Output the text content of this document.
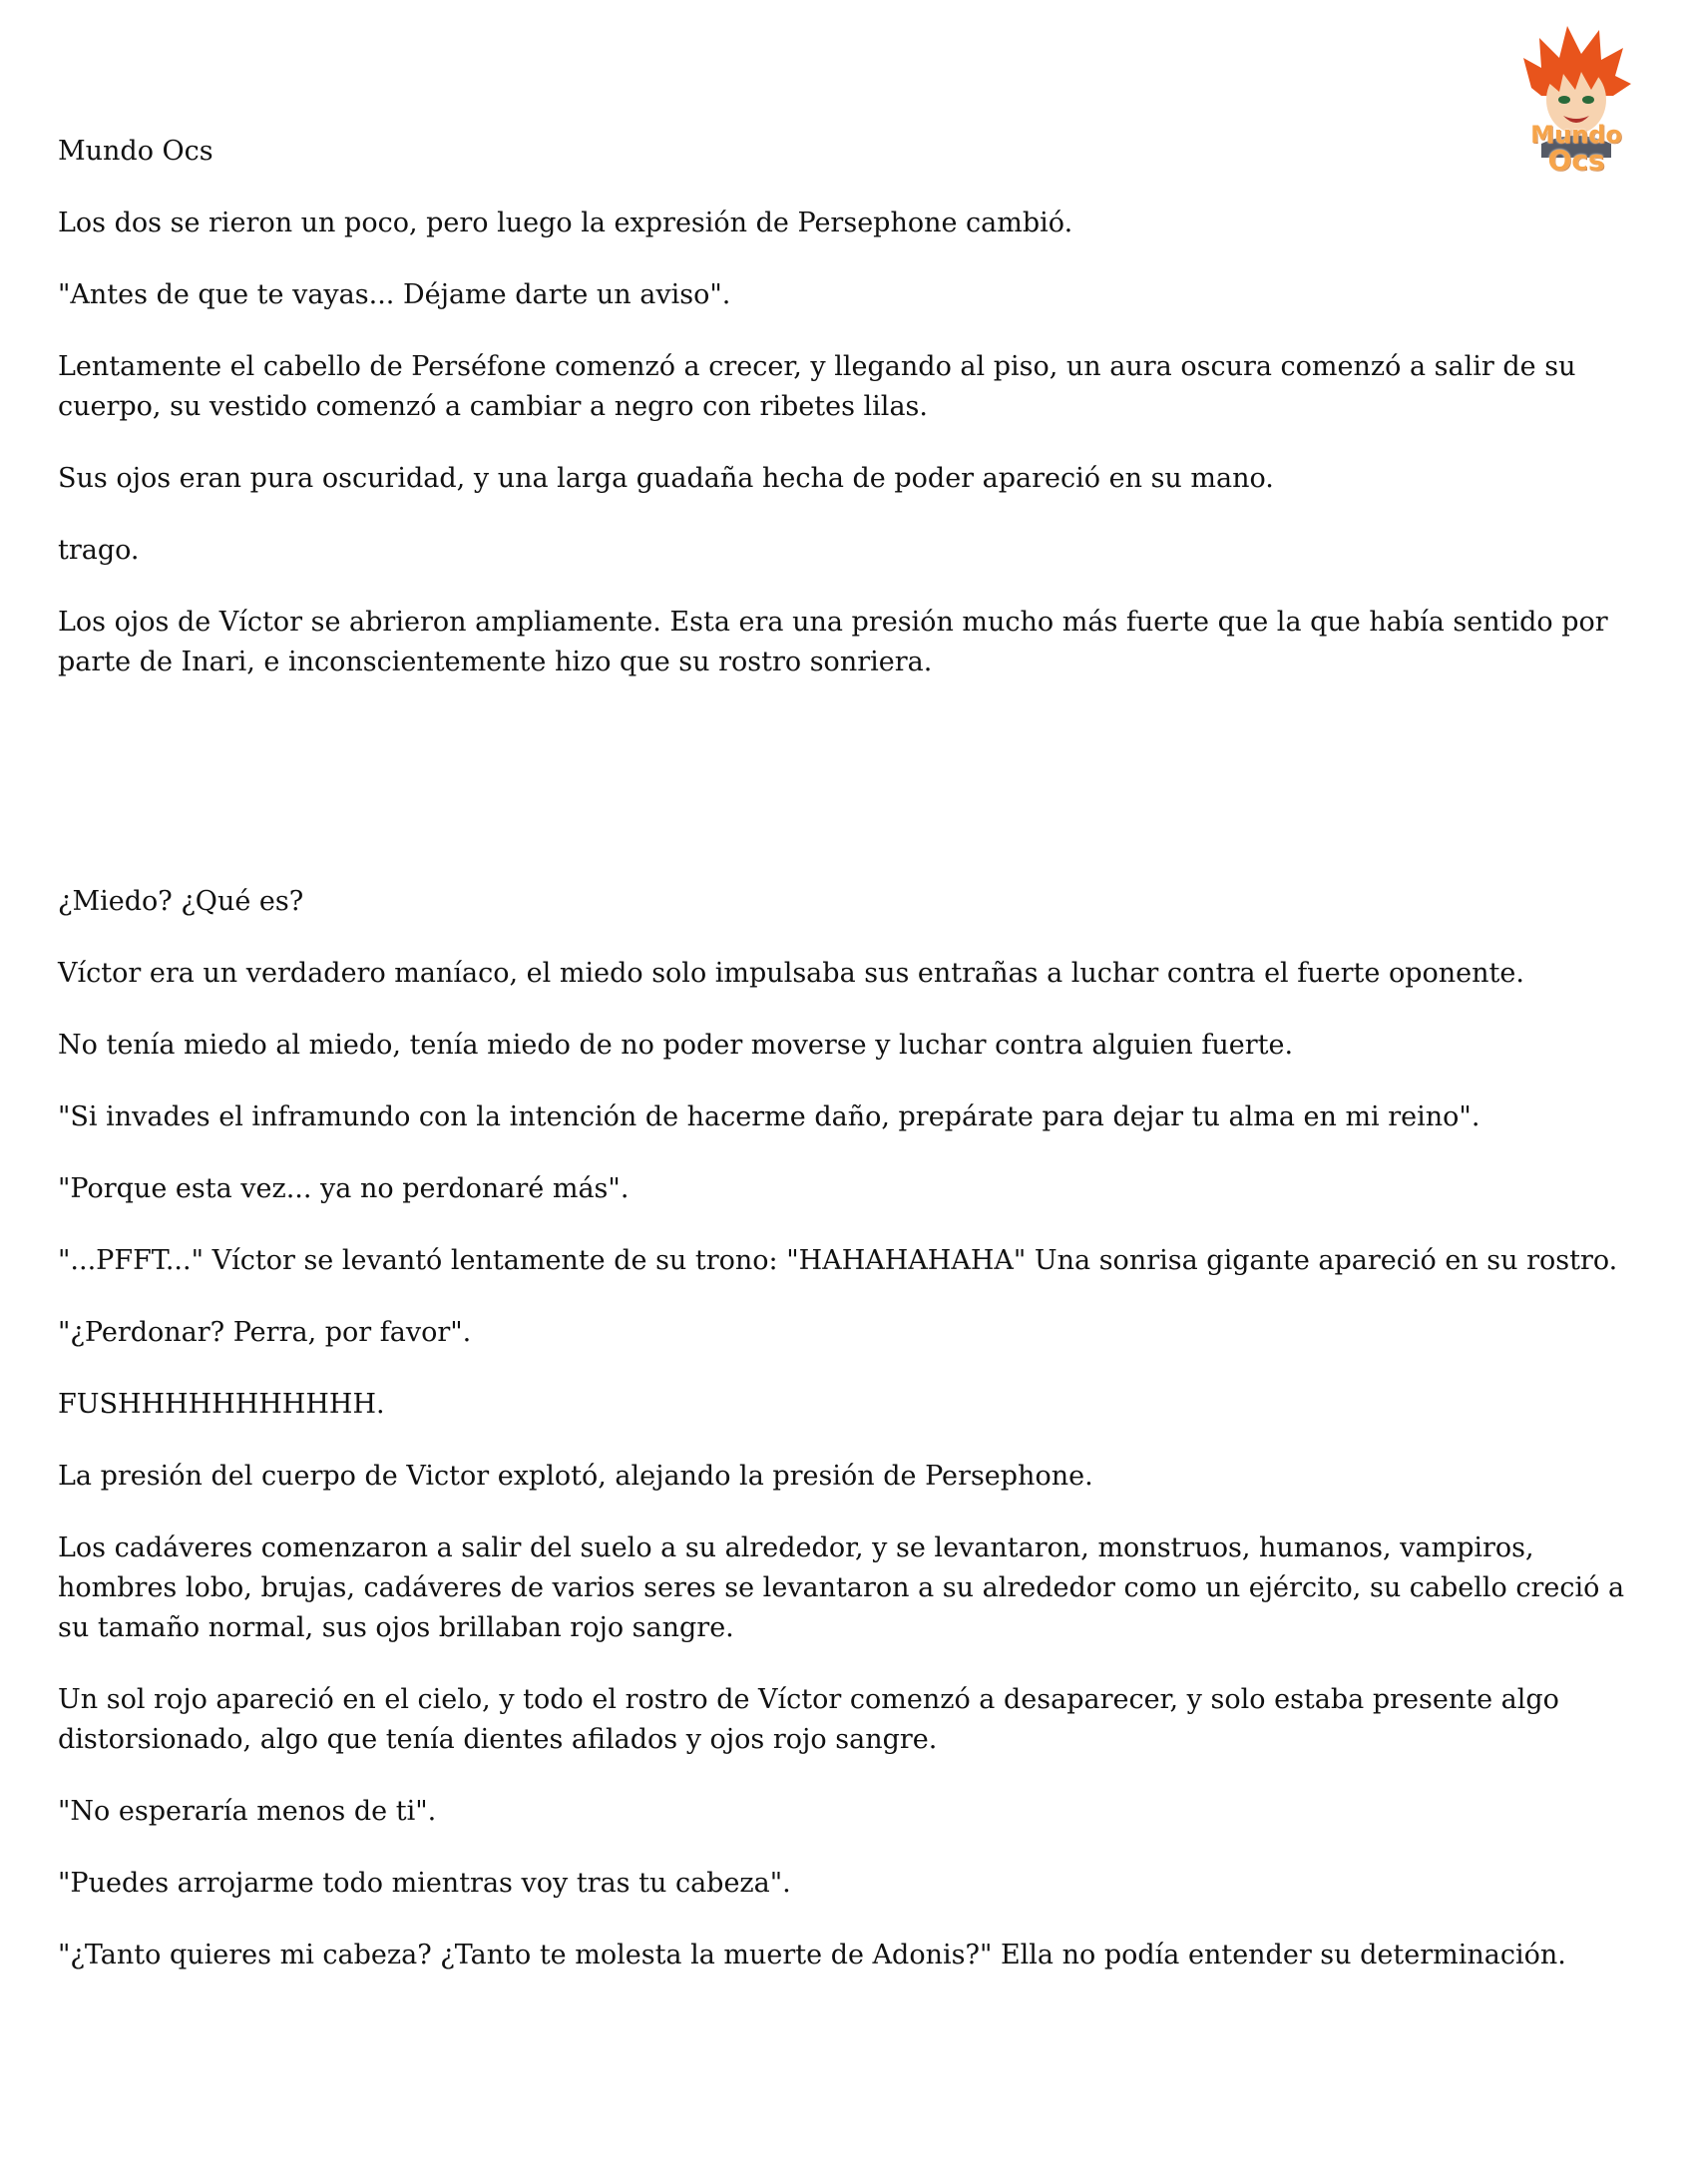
Mundo
Ocs

Mundo Ocs

Los dos se rieron un poco, pero luego la expresión de Persephone cambió.

"Antes de que te vayas... Déjame darte un aviso".

Lentamente el cabello de Perséfone comenzó a crecer, y llegando al piso, un aura oscura comenzó a salir de su cuerpo, su vestido comenzó a cambiar a negro con ribetes lilas.

Sus ojos eran pura oscuridad, y una larga guadaña hecha de poder apareció en su mano.

trago.

Los ojos de Víctor se abrieron ampliamente. Esta era una presión mucho más fuerte que la que había sentido por parte de Inari, e inconscientemente hizo que su rostro sonriera.

¿Miedo? ¿Qué es?

Víctor era un verdadero maníaco, el miedo solo impulsaba sus entrañas a luchar contra el fuerte oponente.

No tenía miedo al miedo, tenía miedo de no poder moverse y luchar contra alguien fuerte.

"Si invades el inframundo con la intención de hacerme daño, prepárate para dejar tu alma en mi reino".

"Porque esta vez... ya no perdonaré más".

"...PFFT..." Víctor se levantó lentamente de su trono: "HAHAHAHAHA" Una sonrisa gigante apareció en su rostro.

"¿Perdonar? Perra, por favor".

FUSHHHHHHHHHHH.

La presión del cuerpo de Victor explotó, alejando la presión de Persephone.

Los cadáveres comenzaron a salir del suelo a su alrededor, y se levantaron, monstruos, humanos, vampiros, hombres lobo, brujas, cadáveres de varios seres se levantaron a su alrededor como un ejército, su cabello creció a su tamaño normal, sus ojos brillaban rojo sangre.

Un sol rojo apareció en el cielo, y todo el rostro de Víctor comenzó a desaparecer, y solo estaba presente algo distorsionado, algo que tenía dientes afilados y ojos rojo sangre.

"No esperaría menos de ti".

"Puedes arrojarme todo mientras voy tras tu cabeza".

"¿Tanto quieres mi cabeza? ¿Tanto te molesta la muerte de Adonis?" Ella no podía entender su determinación.
